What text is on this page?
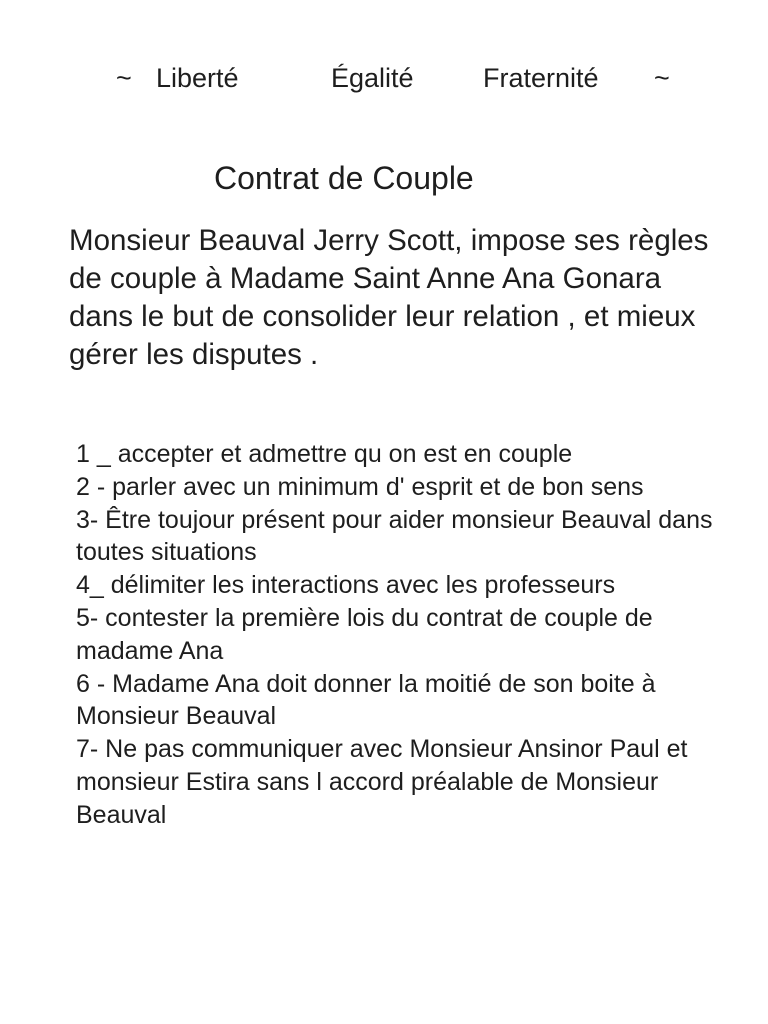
~ Liberté	Égalité	Fraternité ~
Contrat de Couple
Monsieur Beauval Jerry Scott, impose ses règles de couple à Madame Saint Anne Ana Gonara dans le but de consolider leur relation , et mieux gérer les disputes .
1 _ accepter et admettre qu on est en couple
2 - parler avec un minimum d' esprit et de bon sens
3- Être toujour présent pour aider monsieur Beauval dans toutes situations
4_ délimiter les interactions avec les professeurs
5- contester la première lois du contrat de couple de madame Ana
6 - Madame Ana doit donner la moitié de son boite à Monsieur Beauval
7- Ne pas communiquer avec Monsieur Ansinor Paul et monsieur Estira sans l accord préalable de Monsieur Beauval
